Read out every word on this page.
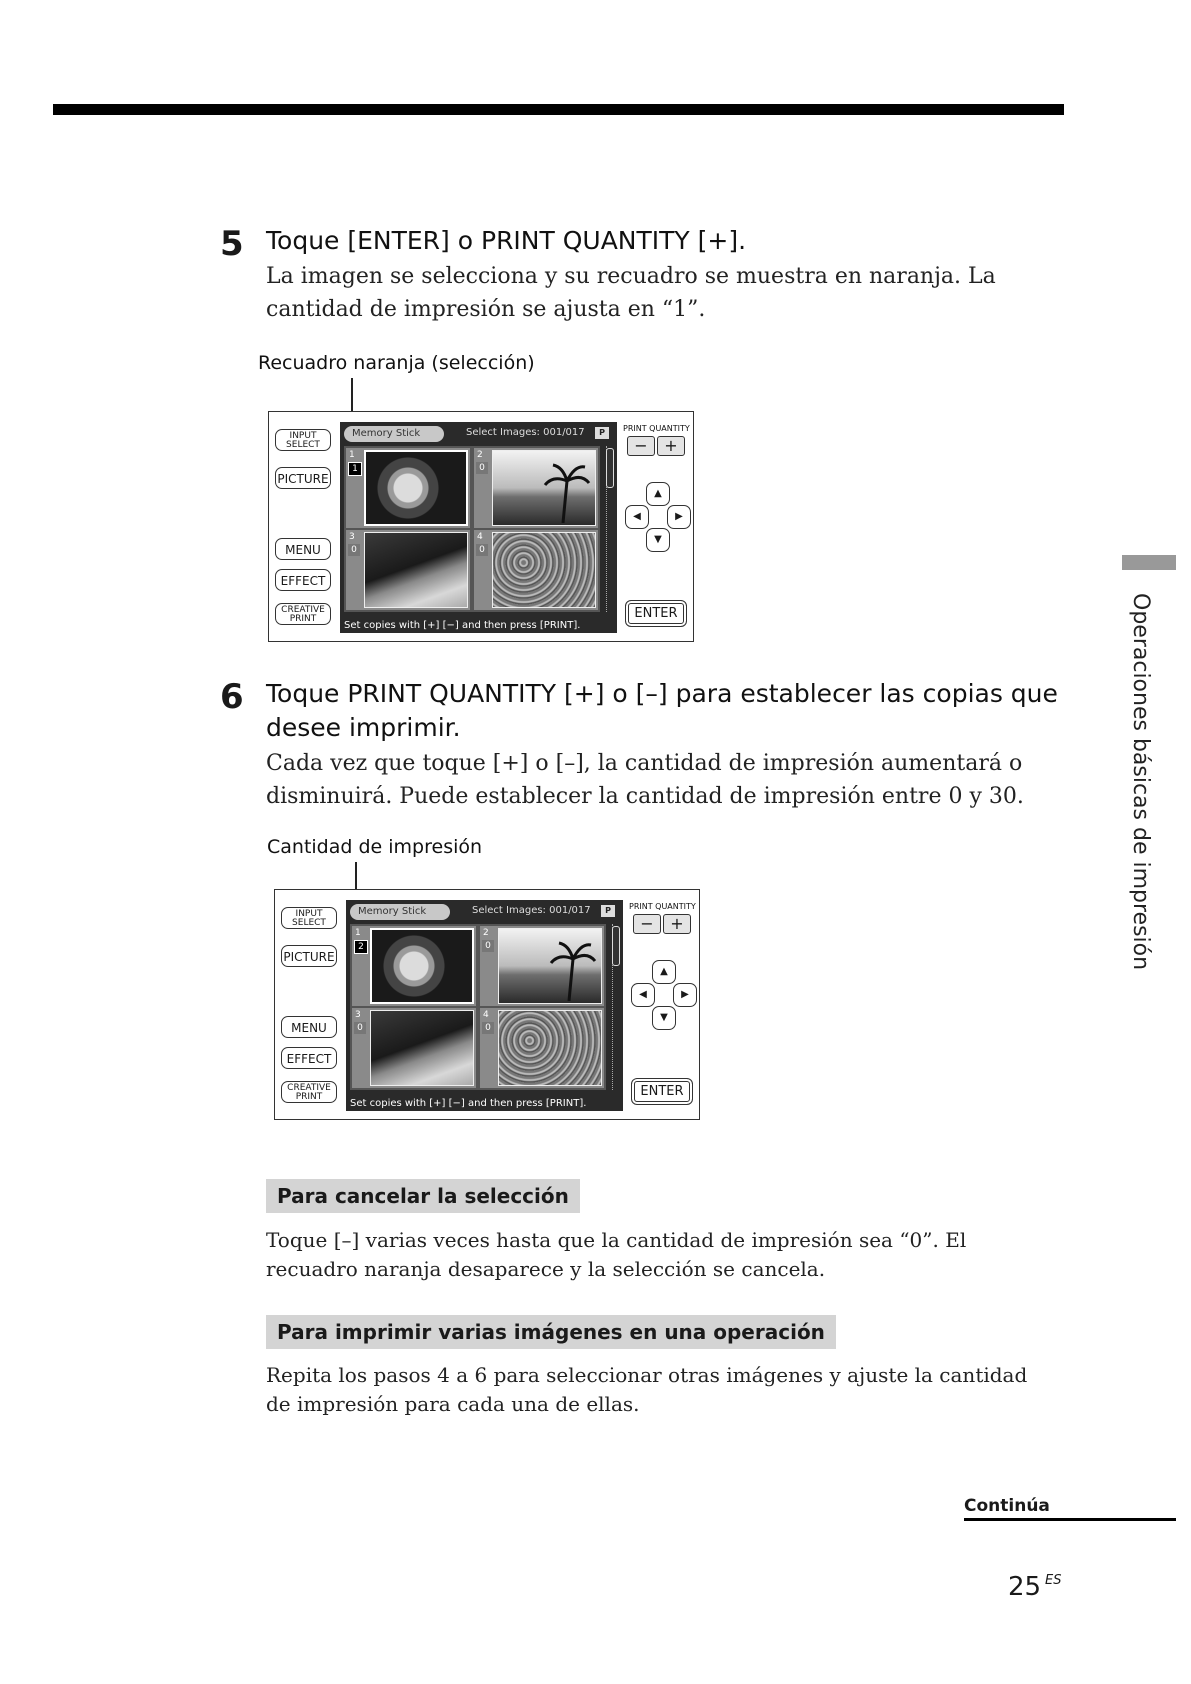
5 Toque [ENTER] o PRINT QUANTITY [+].
La imagen se selecciona y su recuadro se muestra en naranja. La cantidad de impresión se ajusta en “1”.
Recuadro naranja (selección)
INPUT
SELECT
PICTURE
MENU
EFFECT
CREATIVE
PRINT
Memory Stick	Select Images: 001/017	P
1
1
2
0
3
0
4
0
Set copies with [+] [−] and then press [PRINT].
PRINT QUANTITY
−	+
▲
◀	▶
▼
ENTER
6 Toque PRINT QUANTITY [+] o [–] para establecer las copias que desee imprimir.
Cada vez que toque [+] o [–], la cantidad de impresión aumentará o disminuirá. Puede establecer la cantidad de impresión entre 0 y 30.
Cantidad de impresión
INPUT
SELECT
PICTURE
MENU
EFFECT
CREATIVE
PRINT
Memory Stick	Select Images: 001/017	P
1
2
2
0
3
0
4
0
Set copies with [+] [−] and then press [PRINT].
PRINT QUANTITY
−	+
▲
◀	▶
▼
ENTER
Para cancelar la selección
Toque [–] varias veces hasta que la cantidad de impresión sea “0”. El recuadro naranja desaparece y la selección se cancela.
Para imprimir varias imágenes en una operación
Repita los pasos 4 a 6 para seleccionar otras imágenes y ajuste la cantidad de impresión para cada una de ellas.
Operaciones básicas de impresión
Continúa
25 ES
